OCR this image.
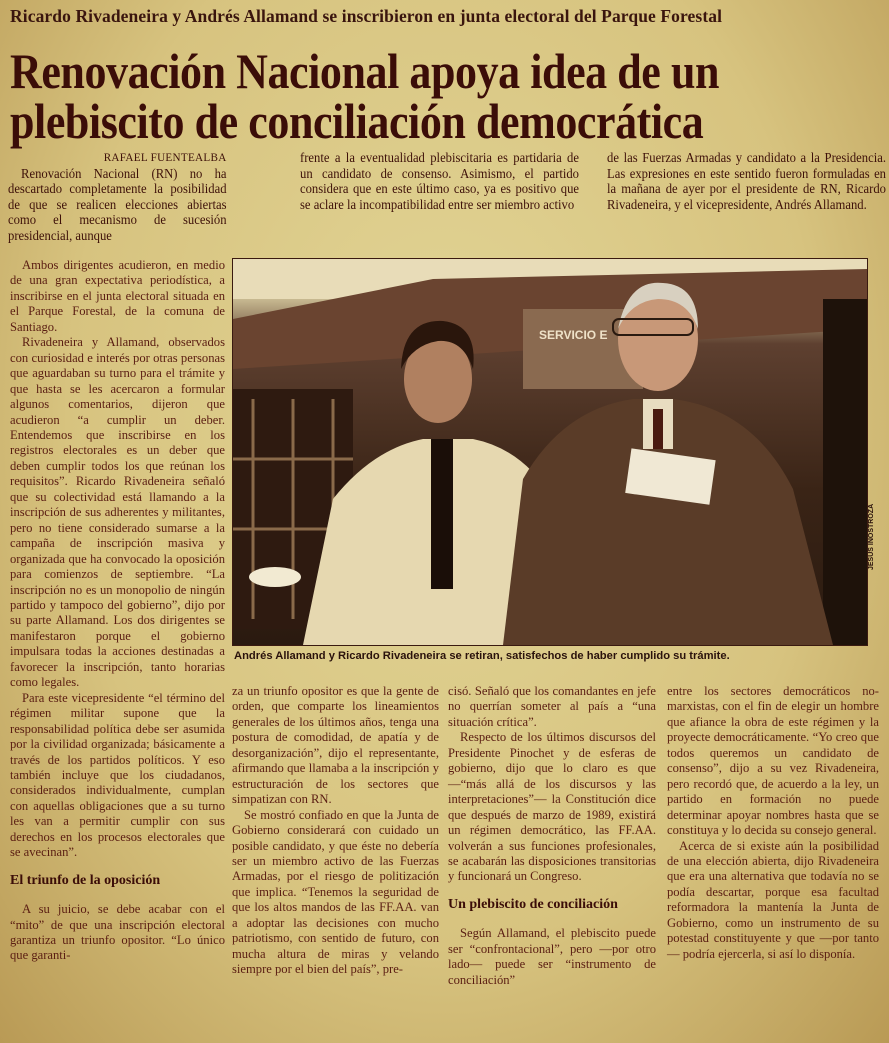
Ricardo Rivadeneira y Andrés Allamand se inscribieron en junta electoral del Parque Forestal
Renovación Nacional apoya idea de un plebiscito de conciliación democrática
RAFAEL FUENTEALBA

Renovación Nacional (RN) no ha descartado completamente la posibilidad de que se realicen elecciones abiertas como el mecanismo de sucesión presidencial, aunque

frente a la eventualidad plebiscitaria es partidaria de un candidato de consenso. Asimismo, el partido considera que en este último caso, ya es positivo que se aclare la incompatibilidad entre ser miembro activo

de las Fuerzas Armadas y candidato a la Presidencia. Las expresiones en este sentido fueron formuladas en la mañana de ayer por el presidente de RN, Ricardo Rivadeneira, y el vicepresidente, Andrés Allamand.

Ambos dirigentes acudieron, en medio de una gran expectativa periodística, a inscribirse en el junta electoral situada en el Parque Forestal, de la comuna de Santiago.

Rivadeneira y Allamand, observados con curiosidad e interés por otras personas que aguardaban su turno para el trámite y que hasta se les acercaron a formular algunos comentarios, dijeron que acudieron “a cumplir un deber. Entendemos que inscribirse en los registros electorales es un deber que deben cumplir todos los que reúnan los requisitos”. Ricardo Rivadeneira señaló que su colectividad está llamando a la inscripción de sus adherentes y militantes, pero no tiene considerado sumarse a la campaña de inscripción masiva y organizada que ha convocado la oposición para comienzos de septiembre. “La inscripción no es un monopolio de ningún partido y tampoco del gobierno”, dijo por su parte Allamand. Los dos dirigentes se manifestaron porque el gobierno impulsara todas la acciones destinadas a favorecer la inscripción, tanto horarias como legales.

Para este vicepresidente “el término del régimen militar supone que la responsabilidad política debe ser asumida por la civilidad organizada; básicamente a través de los partidos políticos. Y eso también incluye que los ciudadanos, considerados individualmente, cumplan con aquellas obligaciones que a su turno les van a permitir cumplir con sus derechos en los procesos electorales que se avecinan”.

El triunfo de la oposición

A su juicio, se debe acabar con el “mito” de que una inscripción electoral garantiza un triunfo opositor. “Lo único que garanti-

SERVICIO E
JESUS INOSTROZA
Andrés Allamand y Ricardo Rivadeneira se retiran, satisfechos de haber cumplido su trámite.

za un triunfo opositor es que la gente de orden, que comparte los lineamientos generales de los últimos años, tenga una postura de comodidad, de apatía y de desorganización”, dijo el representante, afirmando que llamaba a la inscripción y estructuración de los sectores que simpatizan con RN.

Se mostró confiado en que la Junta de Gobierno considerará con cuidado un posible candidato, y que éste no debería ser un miembro activo de las Fuerzas Armadas, por el riesgo de politización que implica. “Tenemos la seguridad de que los altos mandos de las FF.AA. van a adoptar las decisiones con mucho patriotismo, con sentido de futuro, con mucha altura de miras y velando siempre por el bien del país”, pre-

cisó. Señaló que los comandantes en jefe no querrían someter al país a “una situación crítica”.

Respecto de los últimos discursos del Presidente Pinochet y de esferas de gobierno, dijo que lo claro es que —“más allá de los discursos y las interpretaciones”— la Constitución dice que después de marzo de 1989, existirá un régimen democrático, las FF.AA. volverán a sus funciones profesionales, se acabarán las disposiciones transitorias y funcionará un Congreso.

Un plebiscito de conciliación

Según Allamand, el plebiscito puede ser “confrontacional”, pero —por otro lado— puede ser “instrumento de conciliación”

entre los sectores democráticos no-marxistas, con el fin de elegir un hombre que afiance la obra de este régimen y la proyecte democráticamente. “Yo creo que todos queremos un candidato de consenso”, dijo a su vez Rivadeneira, pero recordó que, de acuerdo a la ley, un partido en formación no puede determinar apoyar nombres hasta que se constituya y lo decida su consejo general.

Acerca de si existe aún la posibilidad de una elección abierta, dijo Rivadeneira que era una alternativa que todavía no se podía descartar, porque esa facultad reformadora la mantenía la Junta de Gobierno, como un instrumento de su potestad constituyente y que —por tanto— podría ejercerla, si así lo disponía.
